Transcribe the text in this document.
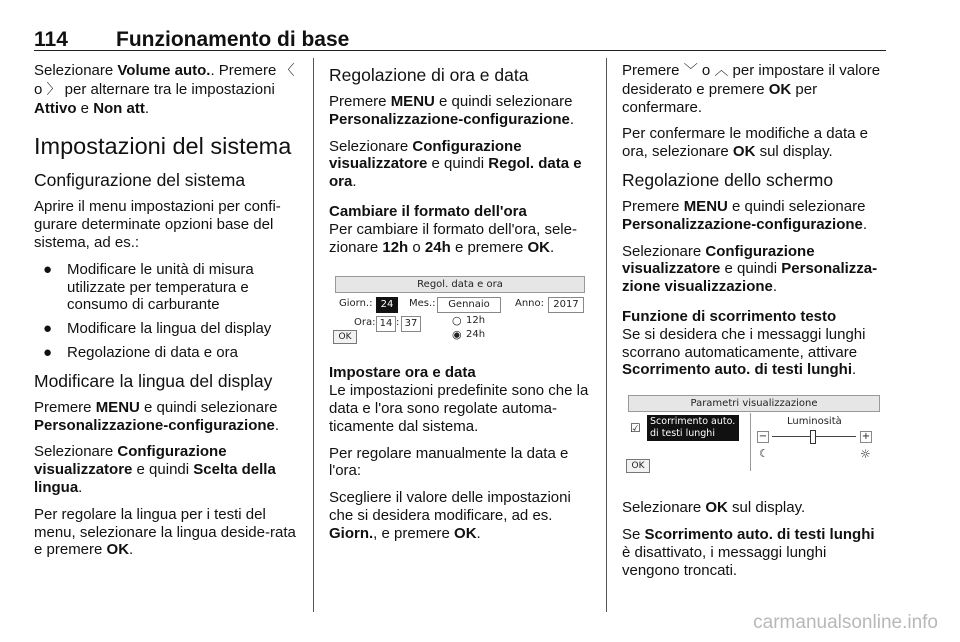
114 Funzionamento di base

Selezionare Volume auto.. Premere 〈 o 〉 per alternare tra le impostazioni Attivo e Non att.

Impostazioni del sistema
Configurazione del sistema

Aprire il menu impostazioni per confi-gurare determinate opzioni base del sistema, ad es.:

● Modificare le unità di misura utilizzate per temperatura e consumo di carburante
● Modificare la lingua del display
● Regolazione di data e ora
Modificare la lingua del display

Premere MENU e quindi selezionare Personalizzazione-configurazione.

Selezionare Configurazione visualizzatore e quindi Scelta della lingua.

Per regolare la lingua per i testi del menu, selezionare la lingua deside-rata e premere OK.

Regolazione di ora e data

Premere MENU e quindi selezionare Personalizzazione-configurazione.

Selezionare Configurazione visualizzatore e quindi Regol. data e ora.

Cambiare il formato dell'ora

Per cambiare il formato dell'ora, sele-zionare 12h o 24h e premere OK.

Regol. data e ora
Giorn.: 24	Mes.:	Gennaio	Anno: 2017
Ora: 14 : 37	○ 12h
◉ 24h
OK
Impostare ora e data

Le impostazioni predefinite sono che la data e l'ora sono regolate automa-ticamente dal sistema.

Per regolare manualmente la data e l'ora:

Scegliere il valore delle impostazioni che si desidera modificare, ad es. Giorn., e premere OK.

Premere ﹀ o ︿ per impostare il valore desiderato e premere OK per confermare.

Per confermare le modifiche a data e ora, selezionare OK sul display.

Regolazione dello schermo

Premere MENU e quindi selezionare Personalizzazione-configurazione.

Selezionare Configurazione visualizzatore e quindi Personalizza-zione visualizzazione.

Funzione di scorrimento testo

Se si desidera che i messaggi lunghi scorrano automaticamente, attivare Scorrimento auto. di testi lunghi.

Parametri visualizzazione
☑ Scorrimento auto. di testi lunghi
Luminosità
−	+
☾	☼
OK

Selezionare OK sul display.

Se Scorrimento auto. di testi lunghi è disattivato, i messaggi lunghi vengono troncati.

carmanualsonline.info
